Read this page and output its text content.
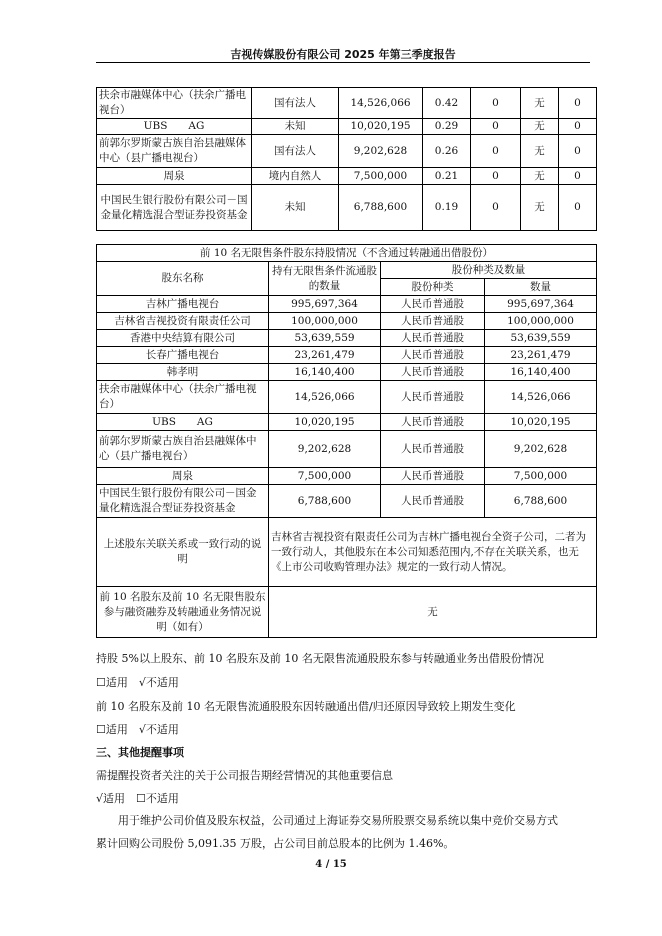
吉视传媒股份有限公司 2025 年第三季度报告
扶余市融媒体中心（扶余广播电视台）	国有法人	14,526,066	0.42	0	无	0
UBS　　AG	未知	10,020,195	0.29	0	无	0
前郭尔罗斯蒙古族自治县融媒体中心（县广播电视台）	国有法人	9,202,628	0.26	0	无	0
周泉	境内自然人	7,500,000	0.21	0	无	0
中国民生银行股份有限公司－国金量化精选混合型证券投资基金	未知	6,788,600	0.19	0	无	0
前 10 名无限售条件股东持股情况（不含通过转融通出借股份）			
股东名称	持有无限售条件流通股的数量	股份种类及数量	
		股份种类	数量
吉林广播电视台	995,697,364	人民币普通股	995,697,364
吉林省吉视投资有限责任公司	100,000,000	人民币普通股	100,000,000
香港中央结算有限公司	53,639,559	人民币普通股	53,639,559
长春广播电视台	23,261,479	人民币普通股	23,261,479
韩孝明	16,140,400	人民币普通股	16,140,400
扶余市融媒体中心（扶余广播电视台）	14,526,066	人民币普通股	14,526,066
UBS　　AG	10,020,195	人民币普通股	10,020,195
前郭尔罗斯蒙古族自治县融媒体中心（县广播电视台）	9,202,628	人民币普通股	9,202,628
周泉	7,500,000	人民币普通股	7,500,000
中国民生银行股份有限公司－国金量化精选混合型证券投资基金	6,788,600	人民币普通股	6,788,600
上述股东关联关系或一致行动的说明	吉林省吉视投资有限责任公司为吉林广播电视台全资子公司，二者为一致行动人，其他股东在本公司知悉范围内,不存在关联关系，也无《上市公司收购管理办法》规定的一致行动人情况。		
前 10 名股东及前 10 名无限售股东参与融资融券及转融通业务情况说明（如有）	无		
持股 5%以上股东、前 10 名股东及前 10 名无限售流通股股东参与转融通业务出借股份情况
☐适用　√不适用
前 10 名股东及前 10 名无限售流通股股东因转融通出借/归还原因导致较上期发生变化
☐适用　√不适用
三、其他提醒事项
需提醒投资者关注的关于公司报告期经营情况的其他重要信息
√适用　☐不适用
用于维护公司价值及股东权益，公司通过上海证券交易所股票交易系统以集中竞价交易方式
累计回购公司股份 5,091.35 万股，占公司目前总股本的比例为 1.46%。
4 / 15
